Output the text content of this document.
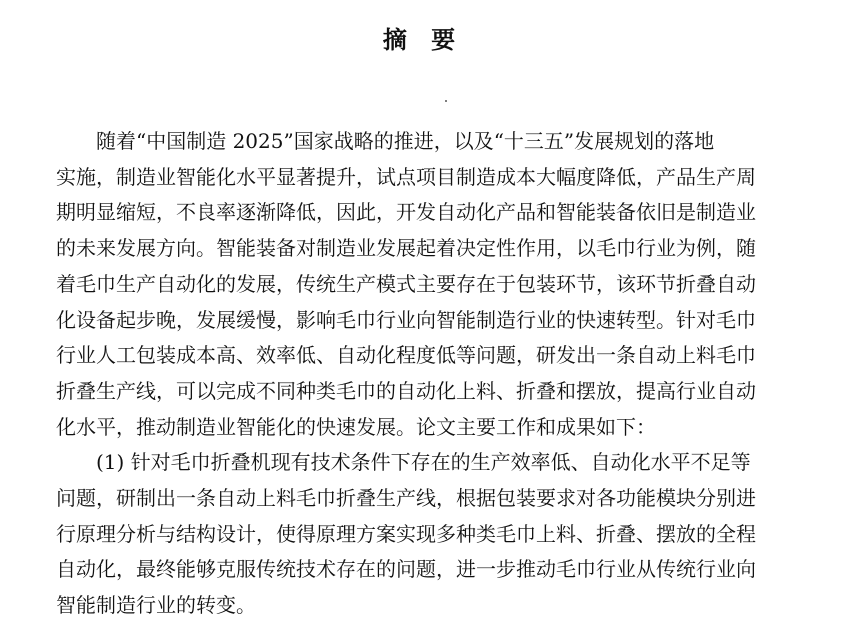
摘 要

随着“中国制造 2025”国家战略的推进，以及“十三五”发展规划的落地
实施，制造业智能化水平显著提升，试点项目制造成本大幅度降低，产品生产周
期明显缩短，不良率逐渐降低，因此，开发自动化产品和智能装备依旧是制造业
的未来发展方向。智能装备对制造业发展起着决定性作用，以毛巾行业为例，随
着毛巾生产自动化的发展，传统生产模式主要存在于包装环节，该环节折叠自动
化设备起步晚，发展缓慢，影响毛巾行业向智能制造行业的快速转型。针对毛巾
行业人工包装成本高、效率低、自动化程度低等问题，研发出一条自动上料毛巾
折叠生产线，可以完成不同种类毛巾的自动化上料、折叠和摆放，提高行业自动
化水平，推动制造业智能化的快速发展。论文主要工作和成果如下：

(1) 针对毛巾折叠机现有技术条件下存在的生产效率低、自动化水平不足等
问题，研制出一条自动上料毛巾折叠生产线，根据包装要求对各功能模块分别进
行原理分析与结构设计，使得原理方案实现多种类毛巾上料、折叠、摆放的全程
自动化，最终能够克服传统技术存在的问题，进一步推动毛巾行业从传统行业向
智能制造行业的转变。
